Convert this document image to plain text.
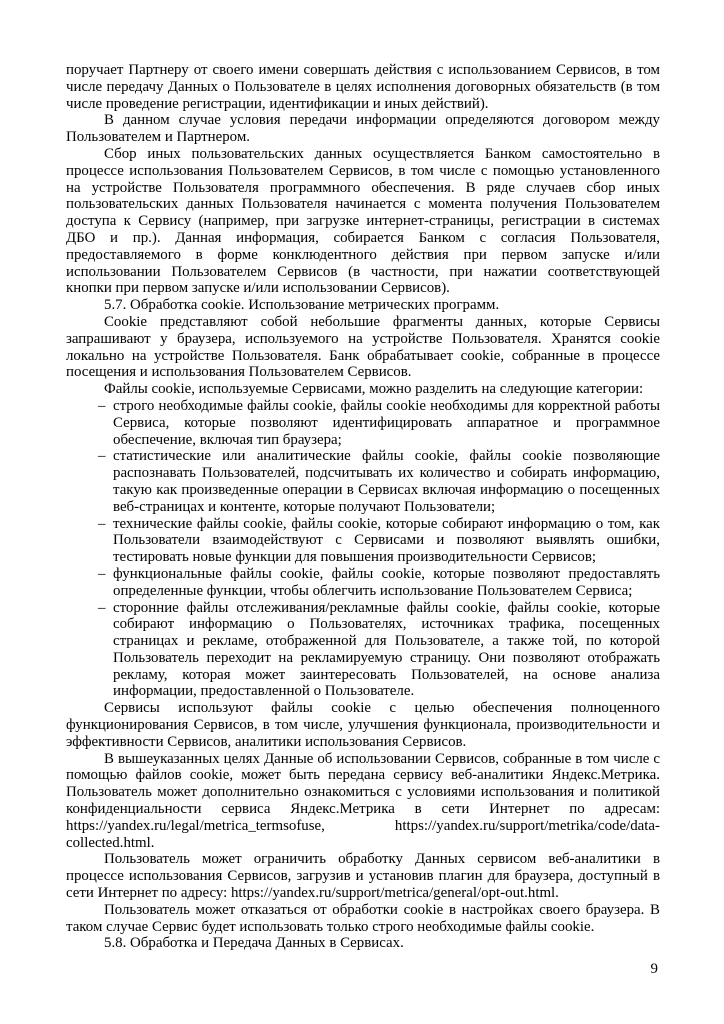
поручает Партнеру от своего имени совершать действия с использованием Сервисов, в том числе передачу Данных о Пользователе в целях исполнения договорных обязательств (в том числе проведение регистрации, идентификации и иных действий).

В данном случае условия передачи информации определяются договором между Пользователем и Партнером.

Сбор иных пользовательских данных осуществляется Банком самостоятельно в процессе использования Пользователем Сервисов, в том числе с помощью установленного на устройстве Пользователя программного обеспечения. В ряде случаев сбор иных пользовательских данных Пользователя начинается с момента получения Пользователем доступа к Сервису (например, при загрузке интернет-страницы, регистрации в системах ДБО и пр.). Данная информация, собирается Банком с согласия Пользователя, предоставляемого в форме конклюдентного действия при первом запуске и/или использовании Пользователем Сервисов (в частности, при нажатии соответствующей кнопки при первом запуске и/или использовании Сервисов).

5.7. Обработка cookie. Использование метрических программ.

Cookie представляют собой небольшие фрагменты данных, которые Сервисы запрашивают у браузера, используемого на устройстве Пользователя. Хранятся cookie локально на устройстве Пользователя. Банк обрабатывает cookie, собранные в процессе посещения и использования Пользователем Сервисов.

Файлы cookie, используемые Сервисами, можно разделить на следующие категории:

– строго необходимые файлы cookie, файлы cookie необходимы для корректной работы Сервиса, которые позволяют идентифицировать аппаратное и программное обеспечение, включая тип браузера;

– статистические или аналитические файлы cookie, файлы cookie позволяющие распознавать Пользователей, подсчитывать их количество и собирать информацию, такую как произведенные операции в Сервисах включая информацию о посещенных веб-страницах и контенте, которые получают Пользователи;

– технические файлы cookie, файлы cookie, которые собирают информацию о том, как Пользователи взаимодействуют с Сервисами и позволяют выявлять ошибки, тестировать новые функции для повышения производительности Сервисов;

– функциональные файлы cookie, файлы cookie, которые позволяют предоставлять определенные функции, чтобы облегчить использование Пользователем Сервиса;

– сторонние файлы отслеживания/рекламные файлы cookie, файлы cookie, которые собирают информацию о Пользователях, источниках трафика, посещенных страницах и рекламе, отображенной для Пользователе, а также той, по которой Пользователь переходит на рекламируемую страницу. Они позволяют отображать рекламу, которая может заинтересовать Пользователей, на основе анализа информации, предоставленной о Пользователе.

Сервисы используют файлы cookie с целью обеспечения полноценного функционирования Сервисов, в том числе, улучшения функционала, производительности и эффективности Сервисов, аналитики использования Сервисов.

В вышеуказанных целях Данные об использовании Сервисов, собранные в том числе с помощью файлов cookie, может быть передана сервису веб-аналитики Яндекс.Метрика. Пользователь может дополнительно ознакомиться с условиями использования и политикой конфиденциальности сервиса Яндекс.Метрика в сети Интернет по адресам: https://yandex.ru/legal/metrica_termsofuse, https://yandex.ru/support/metrika/code/data-collected.html.

Пользователь может ограничить обработку Данных сервисом веб-аналитики в процессе использования Сервисов, загрузив и установив плагин для браузера, доступный в сети Интернет по адресу: https://yandex.ru/support/metrica/general/opt-out.html.

Пользователь может отказаться от обработки cookie в настройках своего браузера. В таком случае Сервис будет использовать только строго необходимые файлы cookie.

5.8. Обработка и Передача Данных в Сервисах.

9
